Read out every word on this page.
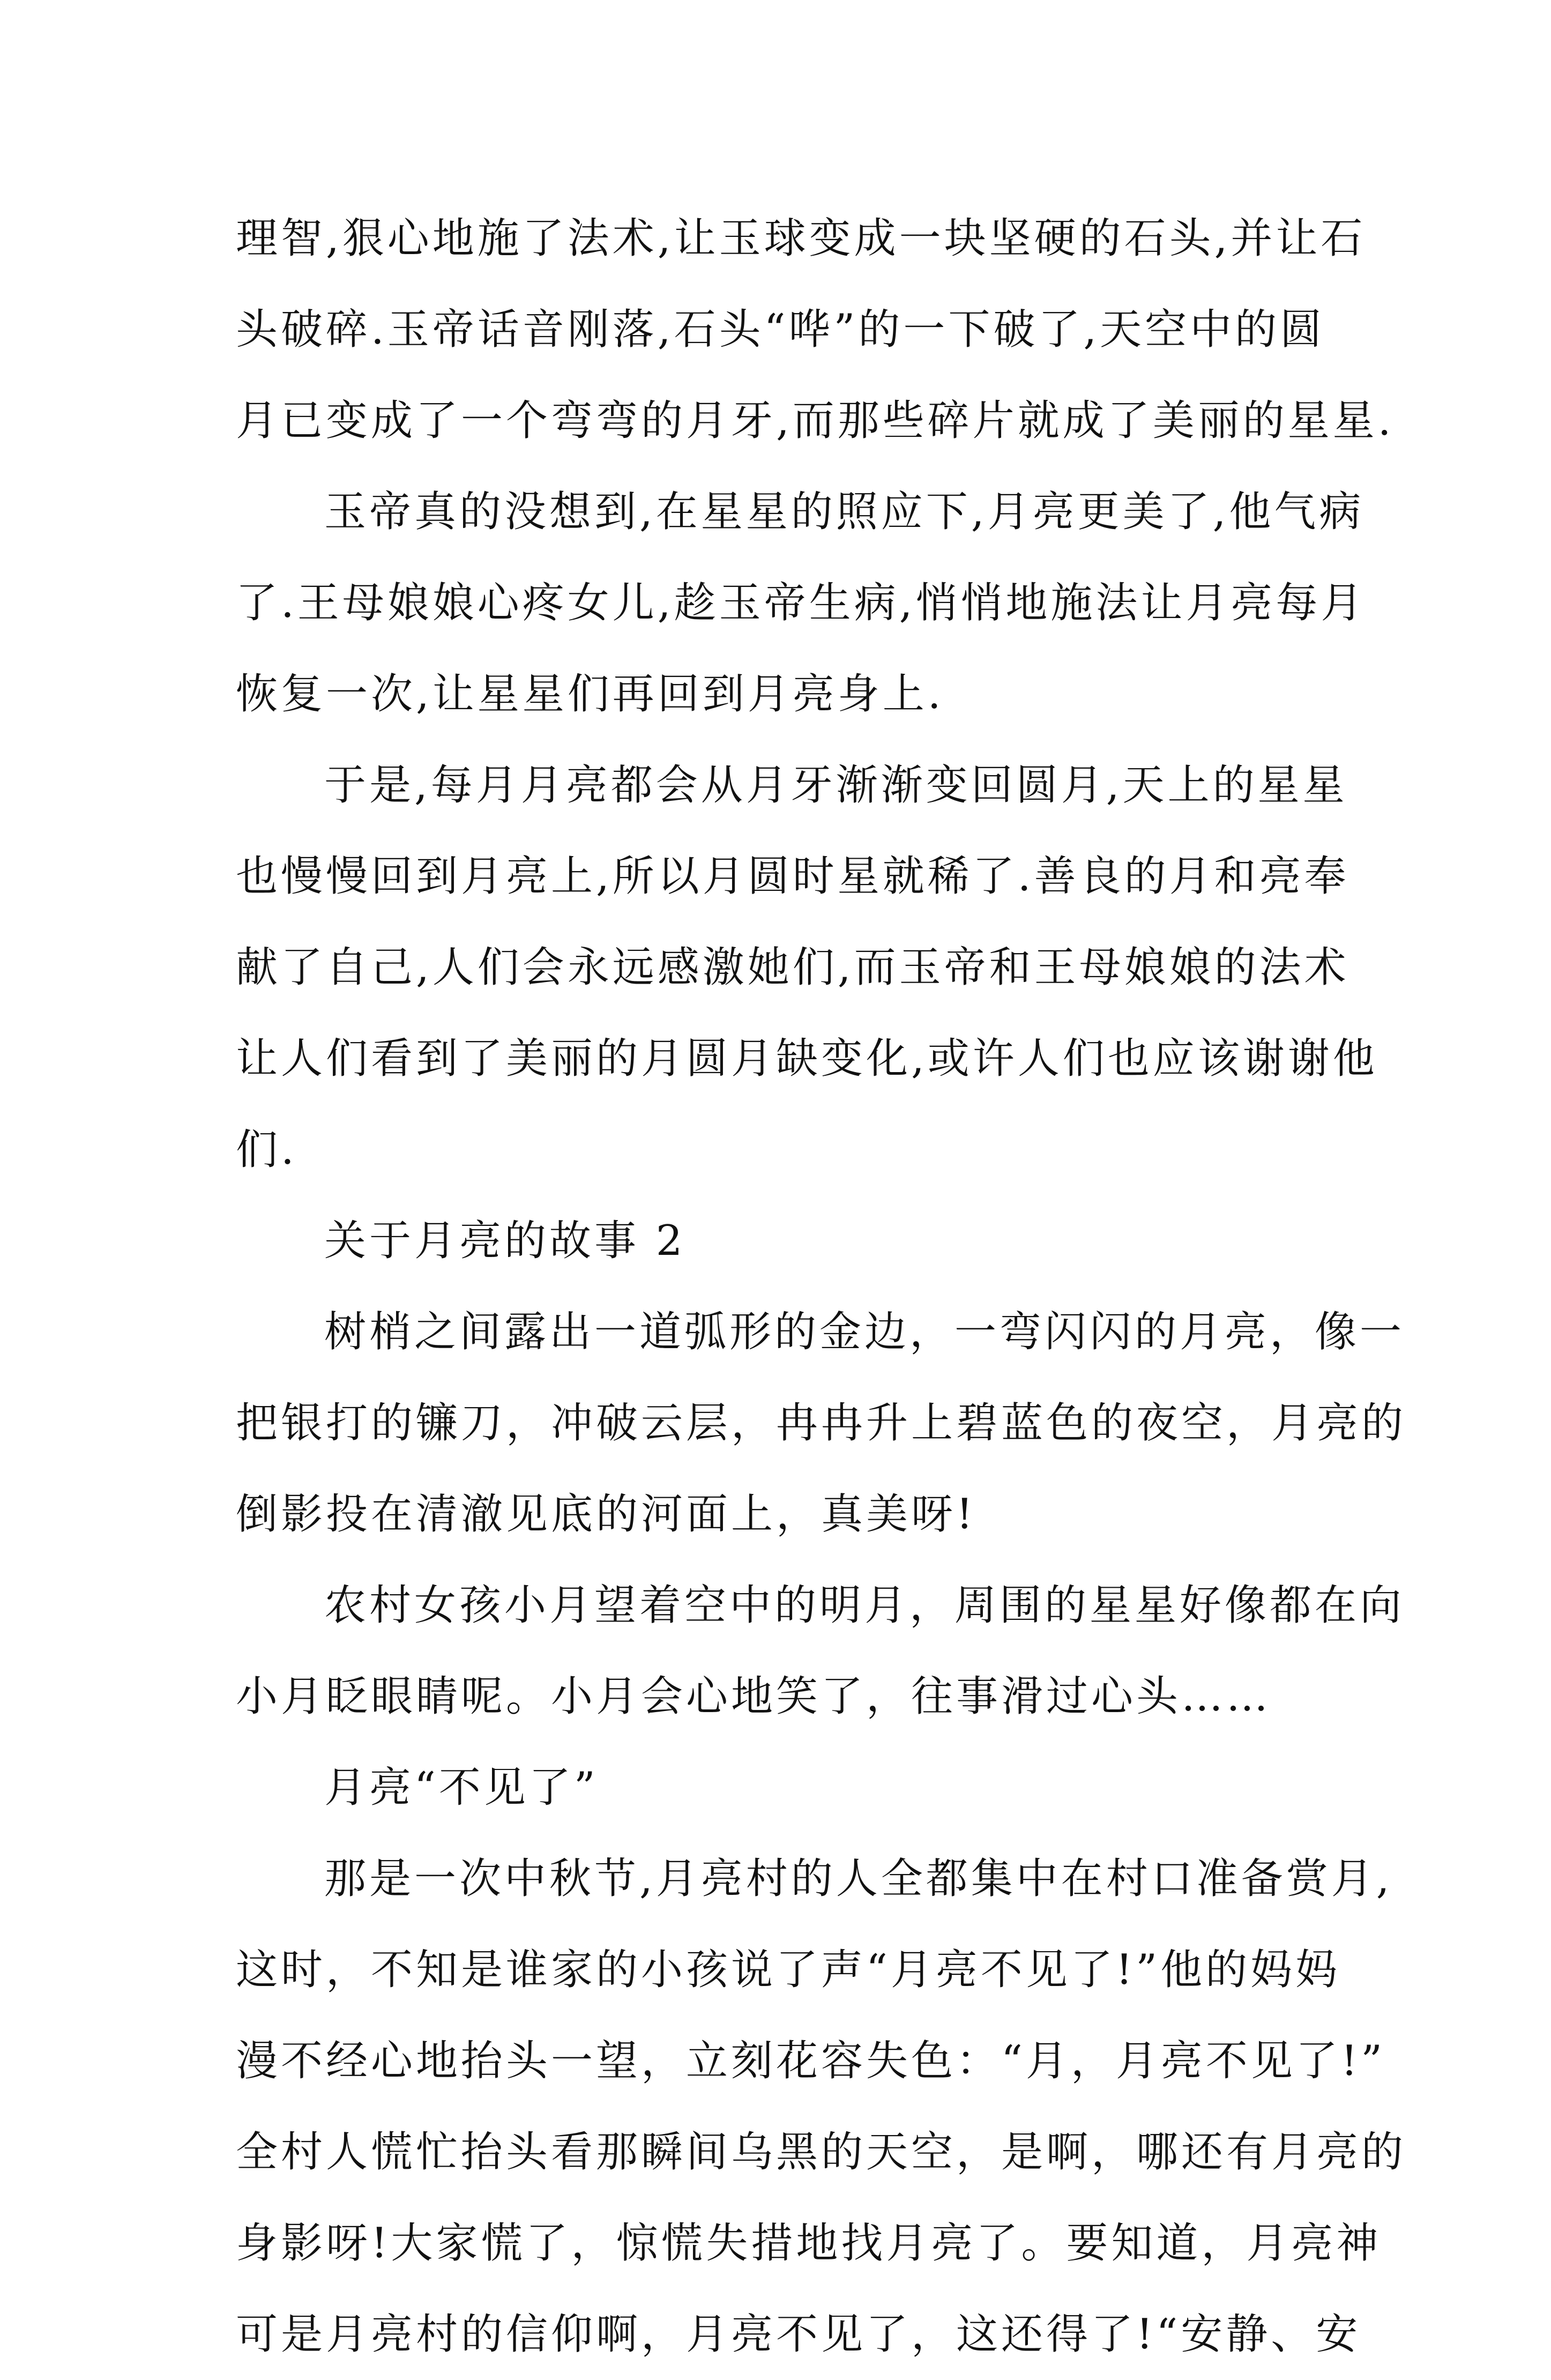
理智,狠心地施了法术,让玉球变成一块坚硬的石头,并让石
头破碎.玉帝话音刚落,石头“哗”的一下破了,天空中的圆
月已变成了一个弯弯的月牙,而那些碎片就成了美丽的星星.
玉帝真的没想到,在星星的照应下,月亮更美了,他气病
了.王母娘娘心疼女儿,趁玉帝生病,悄悄地施法让月亮每月
恢复一次,让星星们再回到月亮身上.
于是,每月月亮都会从月牙渐渐变回圆月,天上的星星
也慢慢回到月亮上,所以月圆时星就稀了.善良的月和亮奉
献了自己,人们会永远感激她们,而玉帝和王母娘娘的法术
让人们看到了美丽的月圆月缺变化,或许人们也应该谢谢他
们.
关于月亮的故事 2
树梢之间露出一道弧形的金边，一弯闪闪的月亮，像一
把银打的镰刀，冲破云层，冉冉升上碧蓝色的夜空，月亮的
倒影投在清澈见底的河面上，真美呀!
农村女孩小月望着空中的明月，周围的星星好像都在向
小月眨眼睛呢。小月会心地笑了，往事滑过心头……
月亮“不见了”
那是一次中秋节,月亮村的人全都集中在村口准备赏月,
这时，不知是谁家的小孩说了声“月亮不见了!”他的妈妈
漫不经心地抬头一望，立刻花容失色：“月，月亮不见了!”
全村人慌忙抬头看那瞬间乌黑的天空，是啊，哪还有月亮的
身影呀!大家慌了，惊慌失措地找月亮了。要知道，月亮神
可是月亮村的信仰啊，月亮不见了，这还得了!“安静、安
